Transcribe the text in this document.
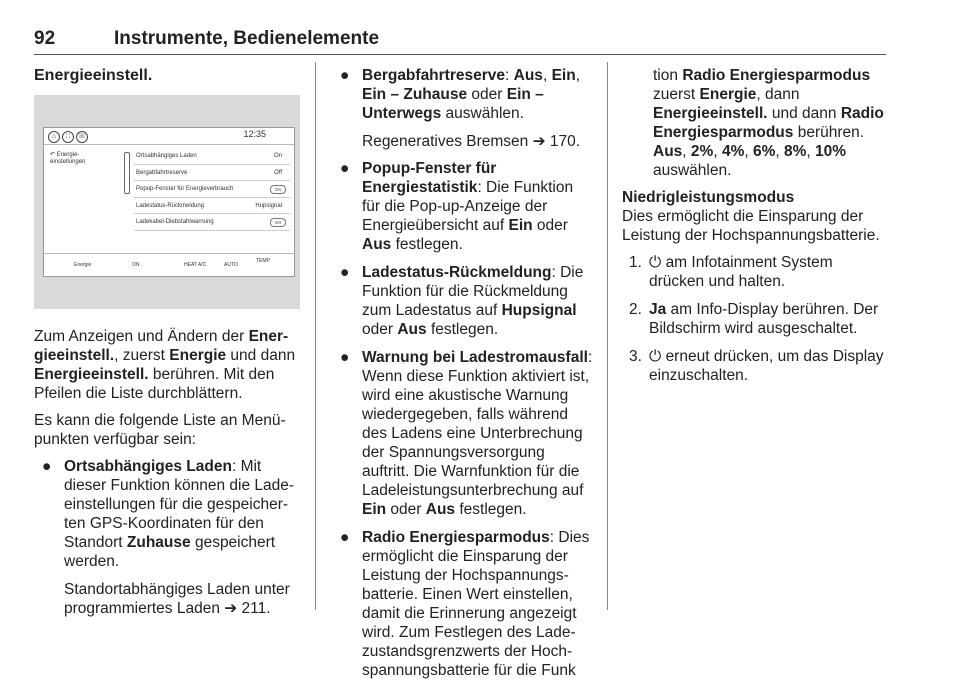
92	Instrumente, Bedienelemente
Energieeinstell.
⌂	∷	☏	12:35
↶ Energie-
einstellungen
Ortsabhängiges Laden	On
Bergabfahrtreserve	Off
Popup-Fenster für Energieverbrauch	On
Ladestatus-Rückmeldung	Hupsignal
Ladekabel-Diebstahlwarnung	On
Energie	ON	HEAT A/C	AUTO
TEMP

Zum Anzeigen und Ändern der Energieeinstell., zuerst Energie und dann Energieeinstell. berühren. Mit den Pfeilen die Liste durchblättern.

Es kann die folgende Liste an Menüpunkten verfügbar sein:

● Ortsabhängiges Laden: Mit dieser Funktion können die Ladeeinstellungen für die gespeicherten GPS-Koordinaten für den Standort Zuhause gespeichert werden.
Standortabhängiges Laden unter programmiertes Laden ➔ 211.
● Bergabfahrtreserve: Aus, Ein, Ein – Zuhause oder Ein – Unterwegs auswählen.
Regeneratives Bremsen ➔ 170.
● Popup-Fenster für Energiestatistik: Die Funktion für die Pop-up-Anzeige der Energieübersicht auf Ein oder Aus festlegen.
● Ladestatus-Rückmeldung: Die Funktion für die Rückmeldung zum Ladestatus auf Hupsignal oder Aus festlegen.
● Warnung bei Ladestromausfall: Wenn diese Funktion aktiviert ist, wird eine akustische Warnung wiedergegeben, falls während des Ladens eine Unterbrechung der Spannungsversorgung auftritt. Die Warnfunktion für die Ladeleistungsunterbrechung auf Ein oder Aus festlegen.
● Radio Energiesparmodus: Dies ermöglicht die Einsparung der Leistung der Hochspannungsbatterie. Einen Wert einstellen, damit die Erinnerung angezeigt wird. Zum Festlegen des Ladezustandsgrenzwerts der Hochspannungsbatterie für die Funk
tion Radio Energiesparmodus zuerst Energie, dann Energieeinstell. und dann Radio Energiesparmodus berühren.
Aus, 2%, 4%, 6%, 8%, 10%
auswählen.
Niedrigleistungsmodus

Dies ermöglicht die Einsparung der Leistung der Hochspannungsbatterie.

1. ⏻ am Infotainment System drücken und halten.
2. Ja am Info-Display berühren. Der Bildschirm wird ausgeschaltet.
3. ⏻ erneut drücken, um das Display einzuschalten.
